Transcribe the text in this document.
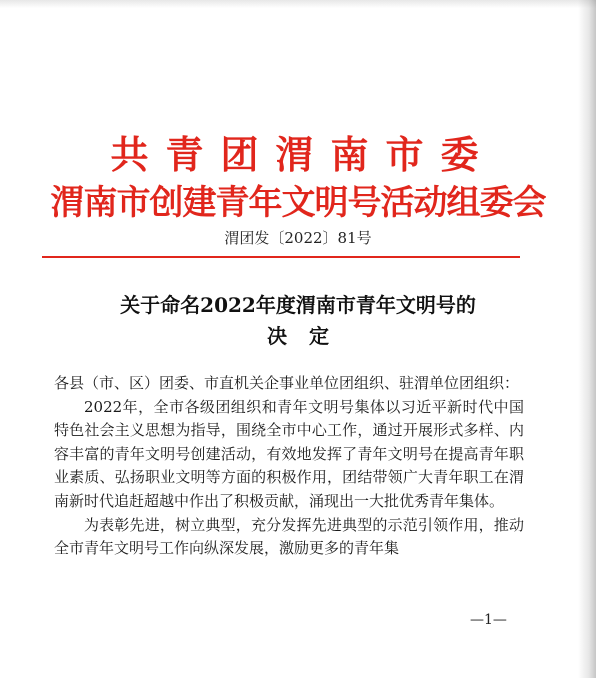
共青团渭南市委
渭南市创建青年文明号活动组委会
渭团发〔2022〕81号
关于命名2022年度渭南市青年文明号的
决定

各县（市、区）团委、市直机关企事业单位团组织、驻渭单位团组织：

2022年，全市各级团组织和青年文明号集体以习近平新时代中国特色社会主义思想为指导，围绕全市中心工作，通过开展形式多样、内容丰富的青年文明号创建活动，有效地发挥了青年文明号在提高青年职业素质、弘扬职业文明等方面的积极作用，团结带领广大青年职工在渭南新时代追赶超越中作出了积极贡献，涌现出一大批优秀青年集体。

为表彰先进，树立典型，充分发挥先进典型的示范引领作用，推动全市青年文明号工作向纵深发展，激励更多的青年集

—1—
